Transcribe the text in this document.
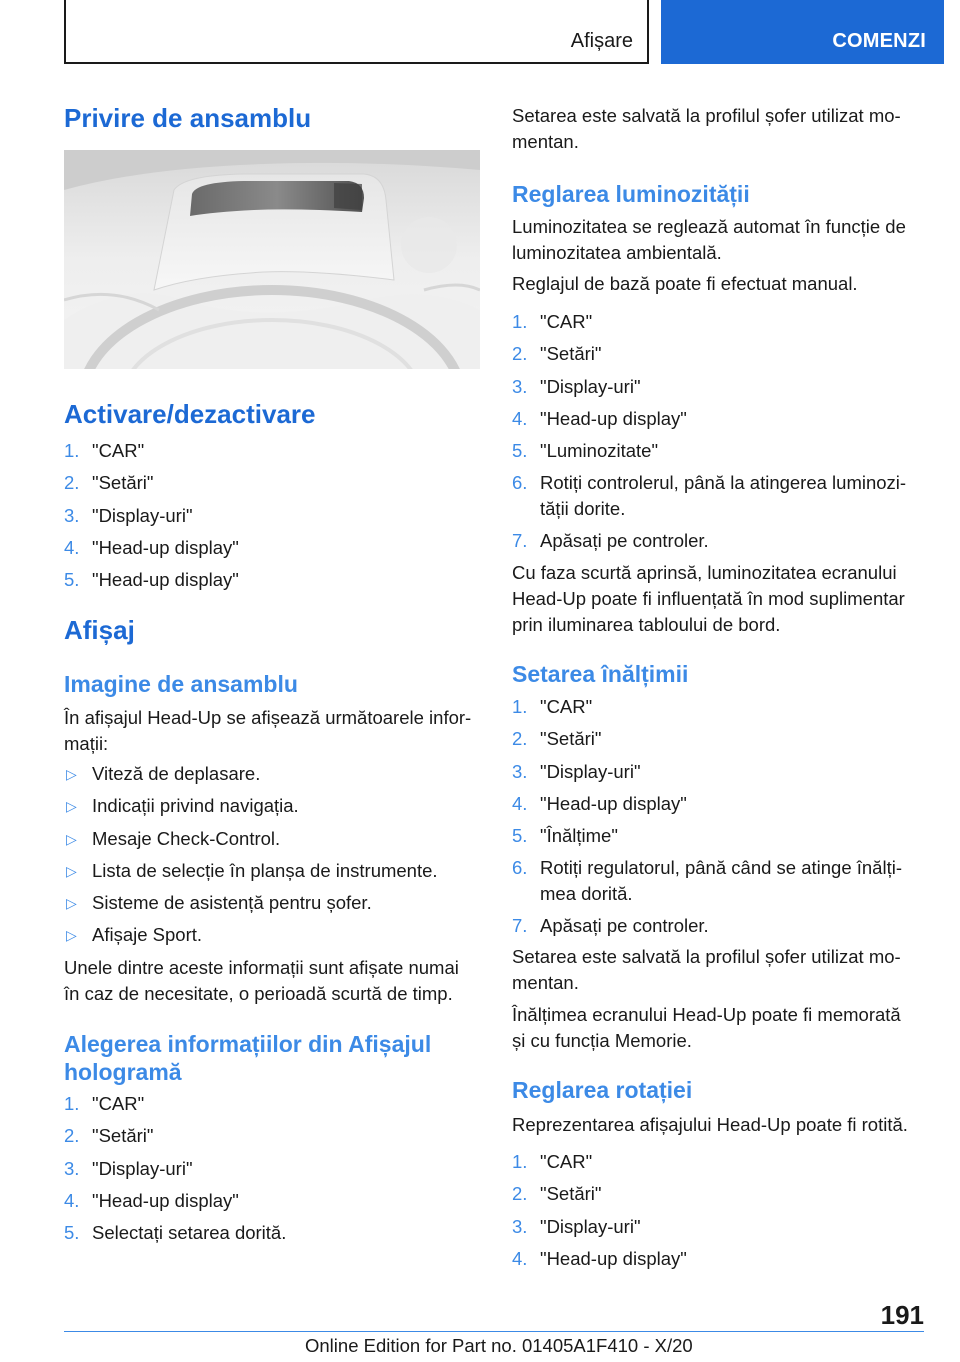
Afișare	COMENZI
Privire de ansamblu
Activare/dezactivare
1. "CAR"
2. "Setări"
3. "Display-uri"
4. "Head-up display"
5. "Head-up display"
Afișaj
Imagine de ansamblu
În afișajul Head-Up se afișează următoarele infor-
mații:
▷ Viteză de deplasare.
▷ Indicații privind navigația.
▷ Mesaje Check-Control.
▷ Lista de selecție în planșa de instrumente.
▷ Sisteme de asistență pentru șofer.
▷ Afișaje Sport.
Unele dintre aceste informații sunt afișate numai
în caz de necesitate, o perioadă scurtă de timp.
Alegerea informațiilor din Afișajul
hologramă
1. "CAR"
2. "Setări"
3. "Display-uri"
4. "Head-up display"
5. Selectați setarea dorită.
Setarea este salvată la profilul șofer utilizat mo-
mentan.
Reglarea luminozității
Luminozitatea se reglează automat în funcție de
luminozitatea ambientală.
Reglajul de bază poate fi efectuat manual.
1. "CAR"
2. "Setări"
3. "Display-uri"
4. "Head-up display"
5. "Luminozitate"
6. Rotiți controlerul, până la atingerea luminozi-
tății dorite.
7. Apăsați pe controler.
Cu faza scurtă aprinsă, luminozitatea ecranului
Head-Up poate fi influențată în mod suplimentar
prin iluminarea tabloului de bord.
Setarea înălțimii
1. "CAR"
2. "Setări"
3. "Display-uri"
4. "Head-up display"
5. "Înălțime"
6. Rotiți regulatorul, până când se atinge înălți-
mea dorită.
7. Apăsați pe controler.
Setarea este salvată la profilul șofer utilizat mo-
mentan.
Înălțimea ecranului Head-Up poate fi memorată
și cu funcția Memorie.
Reglarea rotației
Reprezentarea afișajului Head-Up poate fi rotită.
1. "CAR"
2. "Setări"
3. "Display-uri"
4. "Head-up display"
191
Online Edition for Part no. 01405A1F410 - X/20
